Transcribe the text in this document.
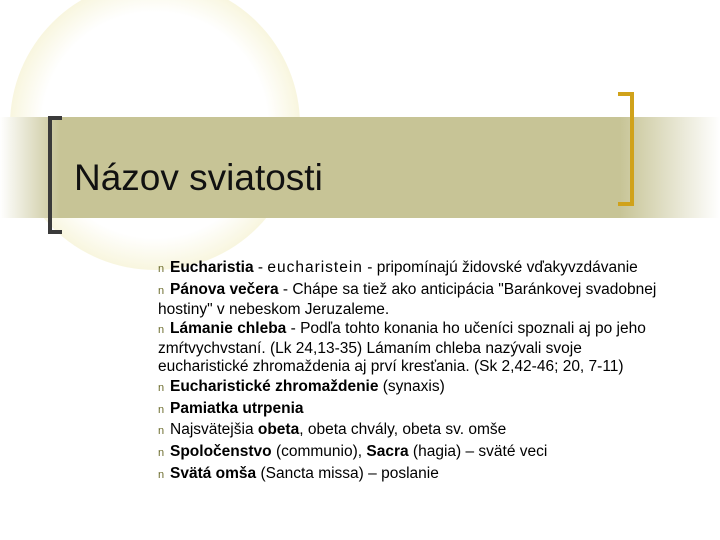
Názov sviatosti

n Eucharistia - eucharistein - pripomínajú židovské vďakyvzdávanie

n Pánova večera - Chápe sa tiež ako anticipácia "Baránkovej svadobnej hostiny" v nebeskom Jeruzaleme.

n Lámanie chleba - Podľa tohto konania ho učeníci spoznali aj po jeho zmŕtvychvstaní. (Lk 24,13-35) Lámaním chleba nazývali svoje eucharistické zhromaždenia aj prví kresťania. (Sk 2,42-46; 20, 7-11)

n Eucharistické zhromaždenie (synaxis)

n Pamiatka utrpenia

n Najsvätejšia obeta, obeta chvály, obeta sv. omše

n Spoločenstvo (communio), Sacra (hagia) – sväté veci

n Svätá omša (Sancta missa) – poslanie
